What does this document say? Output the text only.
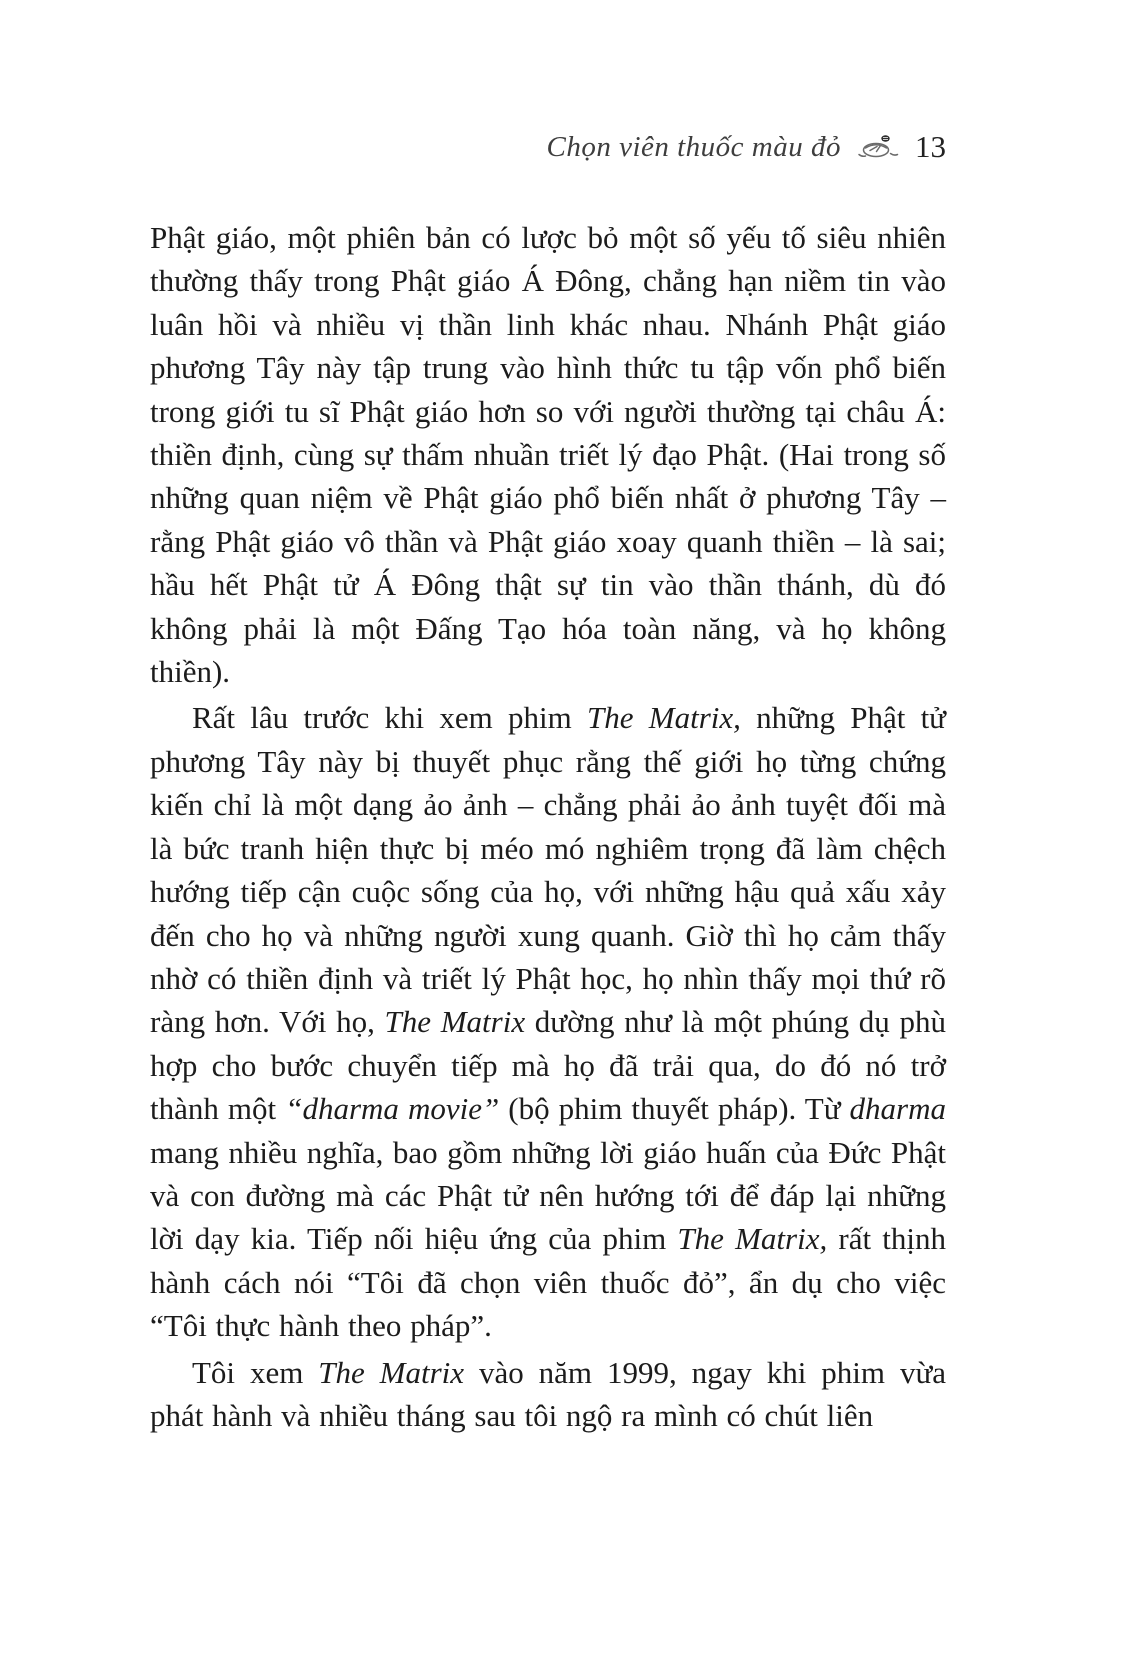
Chọn viên thuốc màu đỏ 13

Phật giáo, một phiên bản có lược bỏ một số yếu tố siêu nhiên thường thấy trong Phật giáo Á Đông, chẳng hạn niềm tin vào luân hồi và nhiều vị thần linh khác nhau. Nhánh Phật giáo phương Tây này tập trung vào hình thức tu tập vốn phổ biến trong giới tu sĩ Phật giáo hơn so với người thường tại châu Á: thiền định, cùng sự thấm nhuần triết lý đạo Phật. (Hai trong số những quan niệm về Phật giáo phổ biến nhất ở phương Tây – rằng Phật giáo vô thần và Phật giáo xoay quanh thiền – là sai; hầu hết Phật tử Á Đông thật sự tin vào thần thánh, dù đó không phải là một Đấng Tạo hóa toàn năng, và họ không thiền).

Rất lâu trước khi xem phim The Matrix, những Phật tử phương Tây này bị thuyết phục rằng thế giới họ từng chứng kiến chỉ là một dạng ảo ảnh – chẳng phải ảo ảnh tuyệt đối mà là bức tranh hiện thực bị méo mó nghiêm trọng đã làm chệch hướng tiếp cận cuộc sống của họ, với những hậu quả xấu xảy đến cho họ và những người xung quanh. Giờ thì họ cảm thấy nhờ có thiền định và triết lý Phật học, họ nhìn thấy mọi thứ rõ ràng hơn. Với họ, The Matrix dường như là một phúng dụ phù hợp cho bước chuyển tiếp mà họ đã trải qua, do đó nó trở thành một “dharma movie” (bộ phim thuyết pháp). Từ dharma mang nhiều nghĩa, bao gồm những lời giáo huấn của Đức Phật và con đường mà các Phật tử nên hướng tới để đáp lại những lời dạy kia. Tiếp nối hiệu ứng của phim The Matrix, rất thịnh hành cách nói “Tôi đã chọn viên thuốc đỏ”, ẩn dụ cho việc “Tôi thực hành theo pháp”.

Tôi xem The Matrix vào năm 1999, ngay khi phim vừa phát hành và nhiều tháng sau tôi ngộ ra mình có chút liên
